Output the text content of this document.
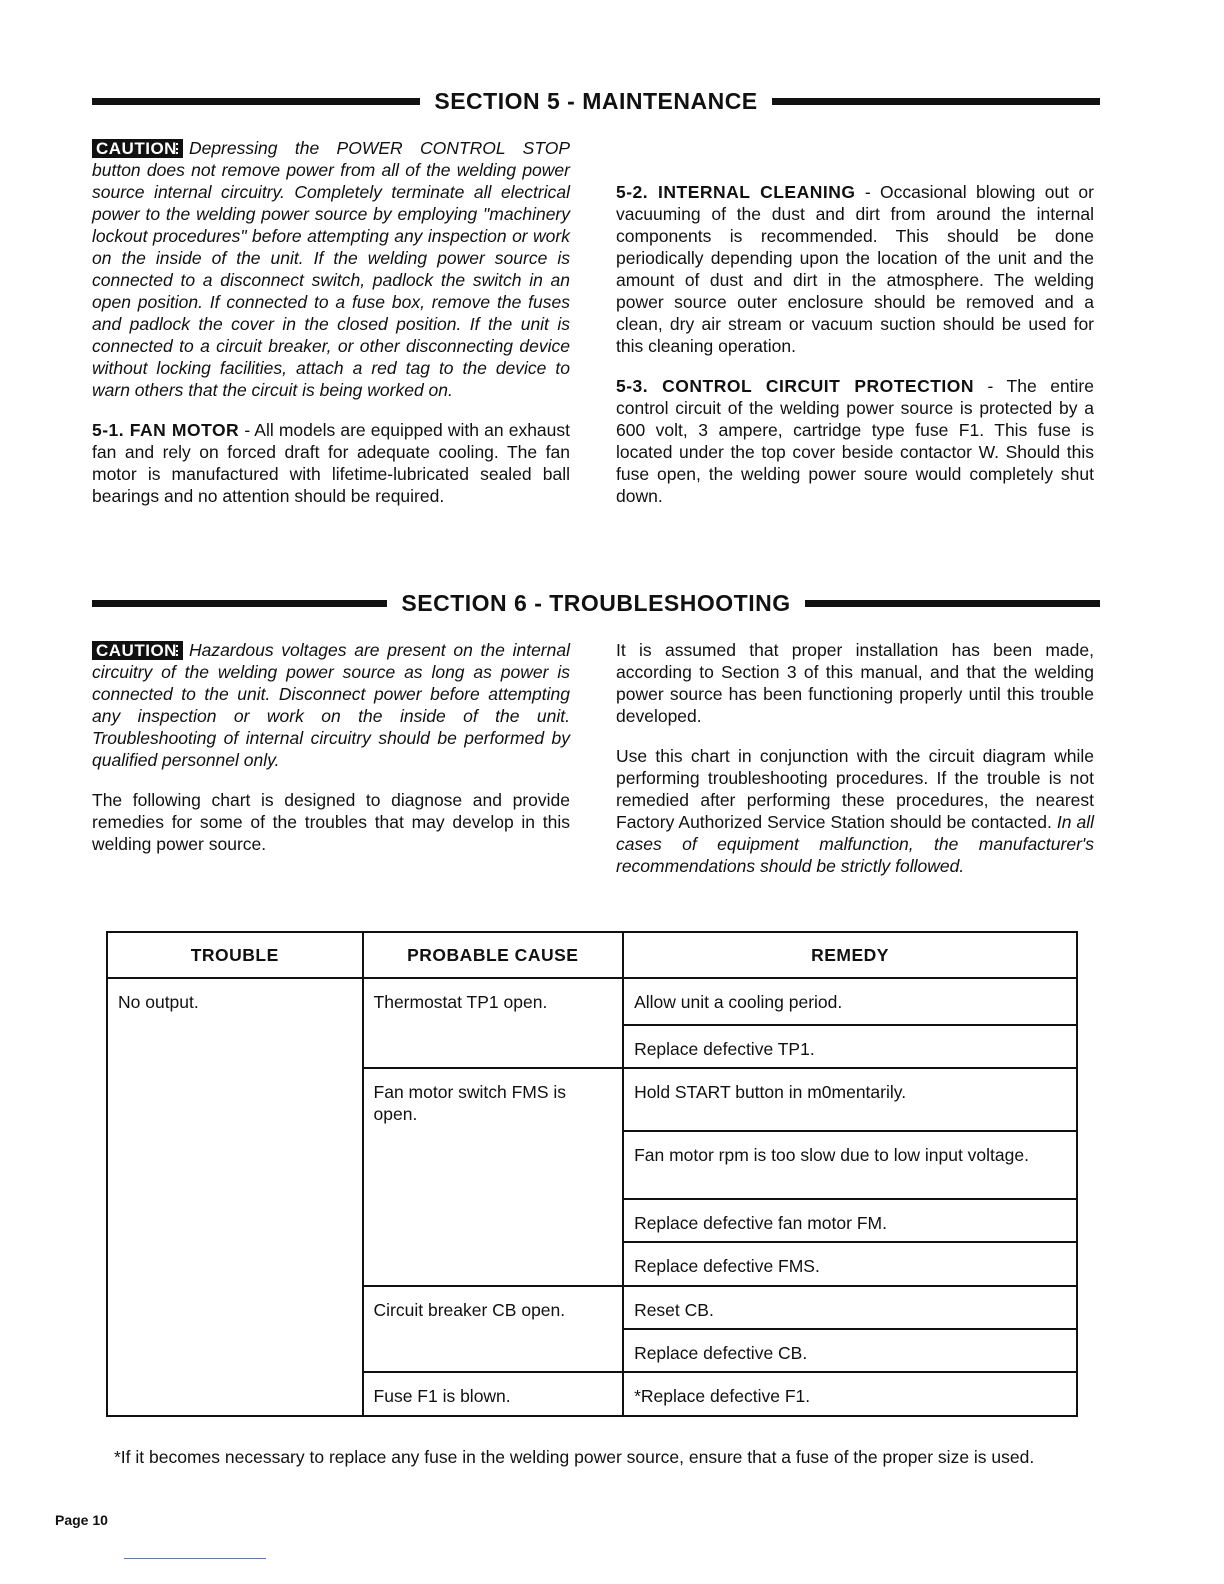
SECTION 5 - MAINTENANCE

CAUTION Depressing the POWER CONTROL STOP button does not remove power from all of the welding power source internal circuitry. Completely terminate all electrical power to the welding power source by employing "machinery lockout procedures" before attempting any inspection or work on the inside of the unit. If the welding power source is connected to a disconnect switch, padlock the switch in an open position. If connected to a fuse box, remove the fuses and padlock the cover in the closed position. If the unit is connected to a circuit breaker, or other disconnecting device without locking facilities, attach a red tag to the device to warn others that the circuit is being worked on.

5-1. FAN MOTOR - All models are equipped with an exhaust fan and rely on forced draft for adequate cooling. The fan motor is manufactured with lifetime-lubricated sealed ball bearings and no attention should be required.

5-2. INTERNAL CLEANING - Occasional blowing out or vacuuming of the dust and dirt from around the internal components is recommended. This should be done periodically depending upon the location of the unit and the amount of dust and dirt in the atmosphere. The welding power source outer enclosure should be removed and a clean, dry air stream or vacuum suction should be used for this cleaning operation.

5-3. CONTROL CIRCUIT PROTECTION - The entire control circuit of the welding power source is protected by a 600 volt, 3 ampere, cartridge type fuse F1. This fuse is located under the top cover beside contactor W. Should this fuse open, the welding power soure would completely shut down.

SECTION 6 - TROUBLESHOOTING

CAUTION Hazardous voltages are present on the internal circuitry of the welding power source as long as power is connected to the unit. Disconnect power before attempting any inspection or work on the inside of the unit. Troubleshooting of internal circuitry should be performed by qualified personnel only.

The following chart is designed to diagnose and provide remedies for some of the troubles that may develop in this welding power source.

It is assumed that proper installation has been made, according to Section 3 of this manual, and that the welding power source has been functioning properly until this trouble developed.

Use this chart in conjunction with the circuit diagram while performing troubleshooting procedures. If the trouble is not remedied after performing these procedures, the nearest Factory Authorized Service Station should be contacted. In all cases of equipment malfunction, the manufacturer's recommendations should be strictly followed.

TROUBLE	PROBABLE CAUSE	REMEDY
No output.	Thermostat TP1 open.	Allow unit a cooling period.
		Replace defective TP1.
	Fan motor switch FMS is open.	Hold START button in m0mentarily.
		Fan motor rpm is too slow due to low input voltage.
		Replace defective fan motor FM.
		Replace defective FMS.
	Circuit breaker CB open.	Reset CB.
		Replace defective CB.
	Fuse F1 is blown.	*Replace defective F1.
*If it becomes necessary to replace any fuse in the welding power source, ensure that a fuse of the proper size is used.
Page 10
